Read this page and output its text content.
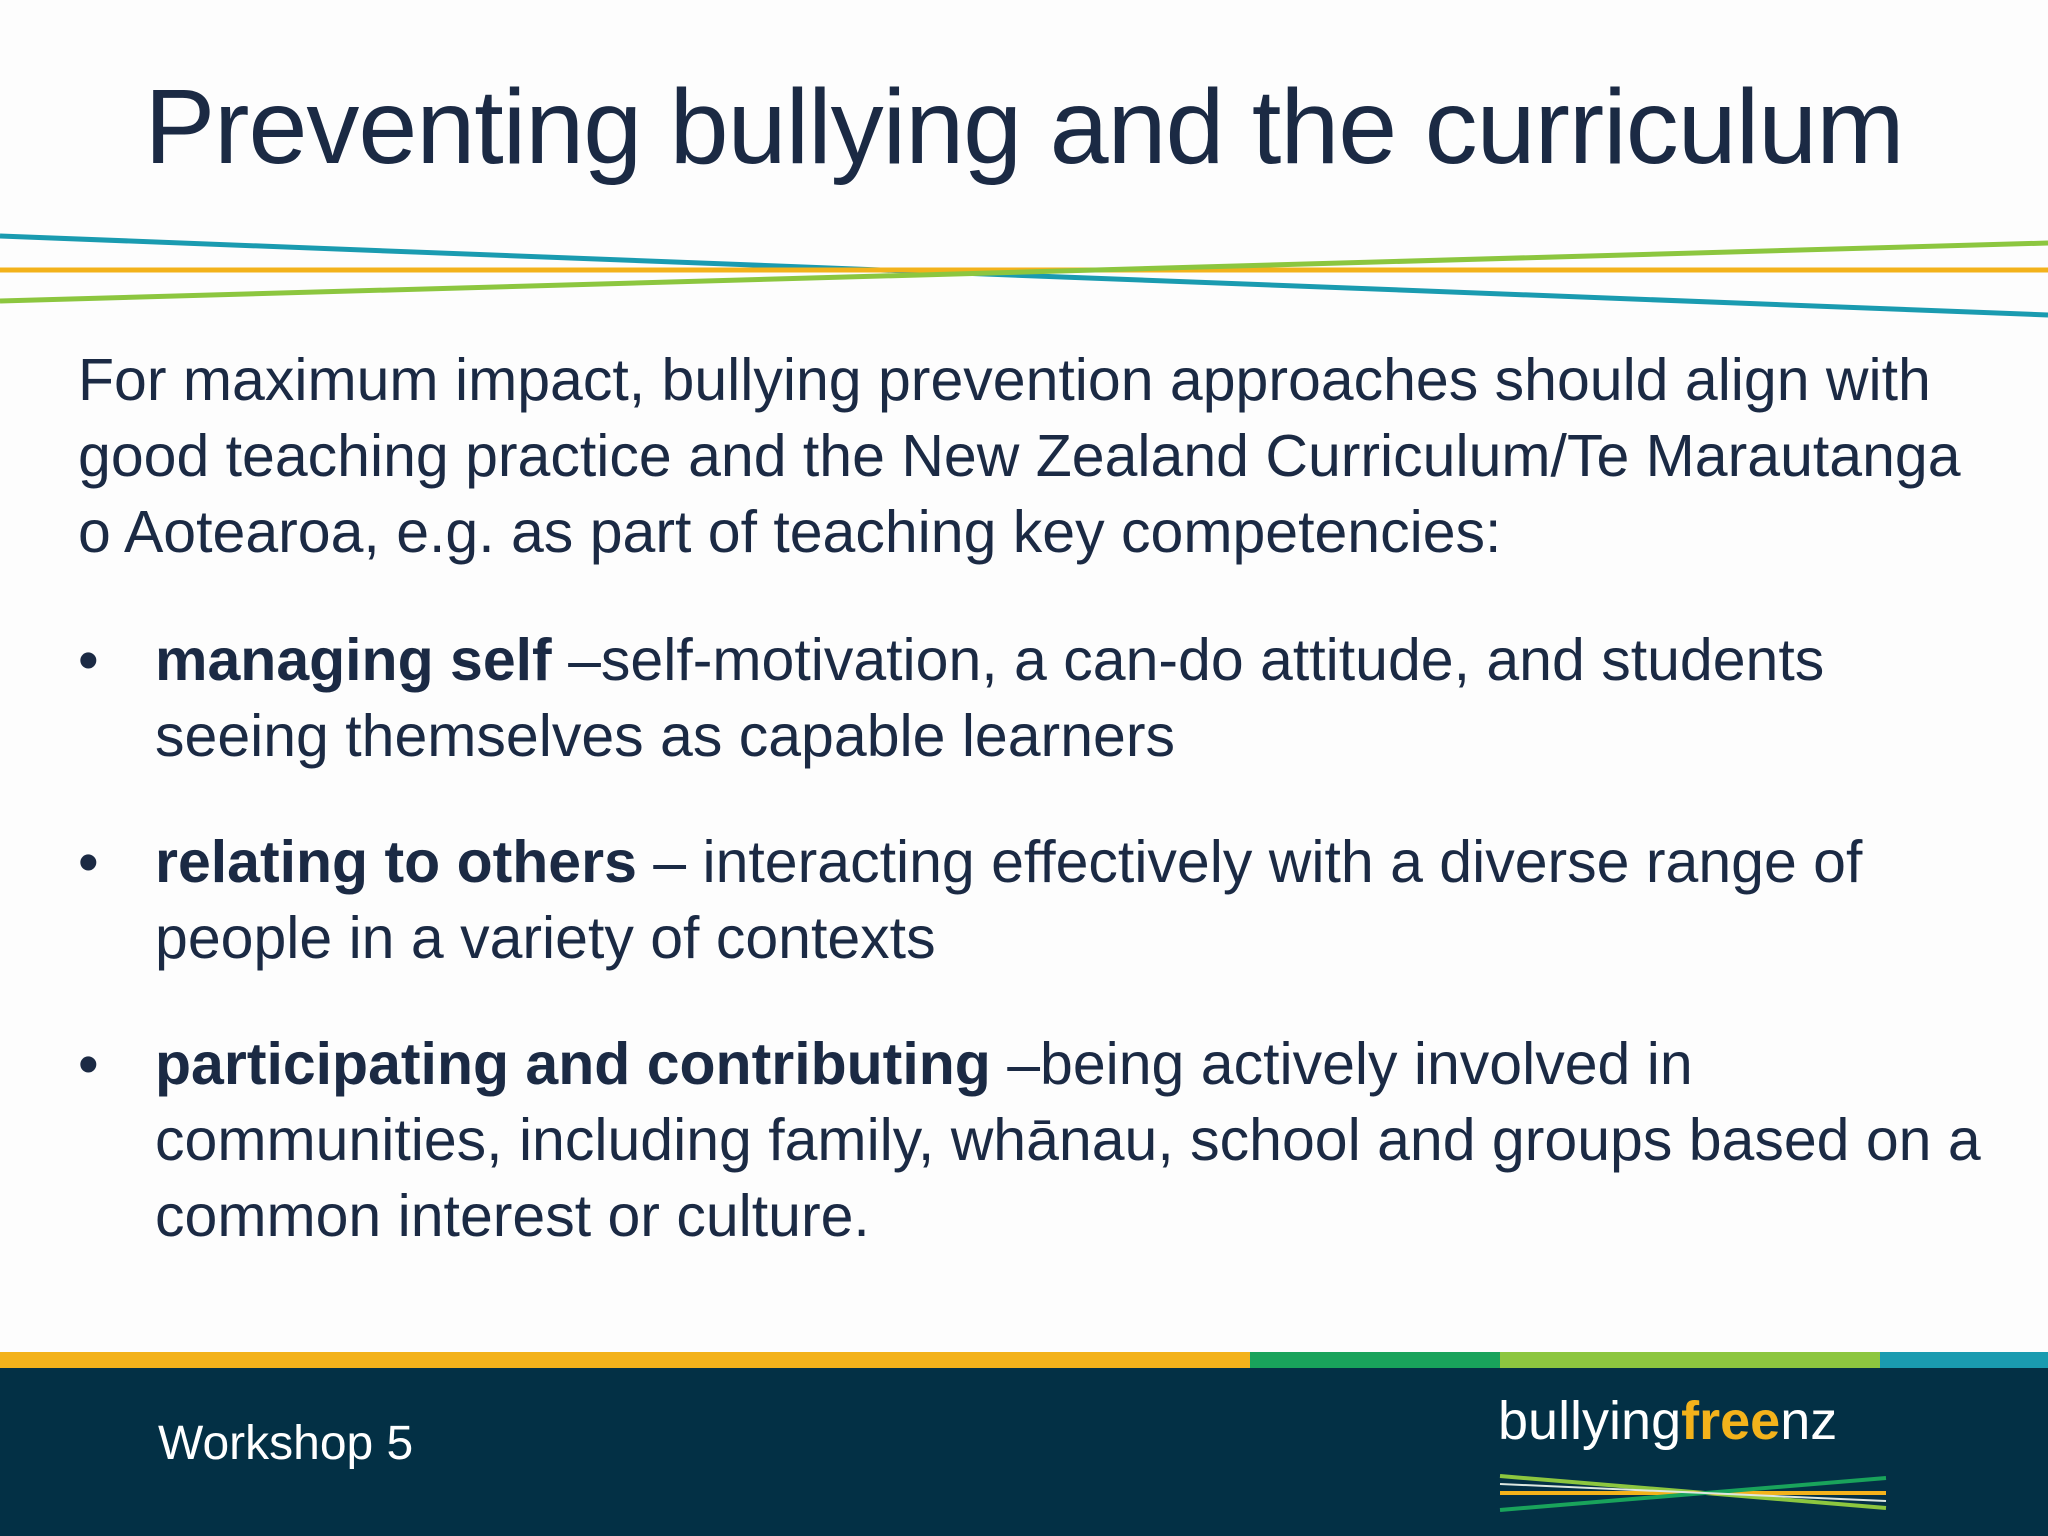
Preventing bullying and the curriculum

For maximum impact, bullying prevention approaches should align with good teaching practice and the New Zealand Curriculum/Te Marautanga o Aotearoa, e.g. as part of teaching key competencies:

• managing self –self-motivation, a can-do attitude, and students seeing themselves as capable learners
• relating to others – interacting effectively with a diverse range of people in a variety of contexts
• participating and contributing –being actively involved in communities, including family, whānau, school and groups based on a common interest or culture.
Workshop 5	bullyingfreenz
